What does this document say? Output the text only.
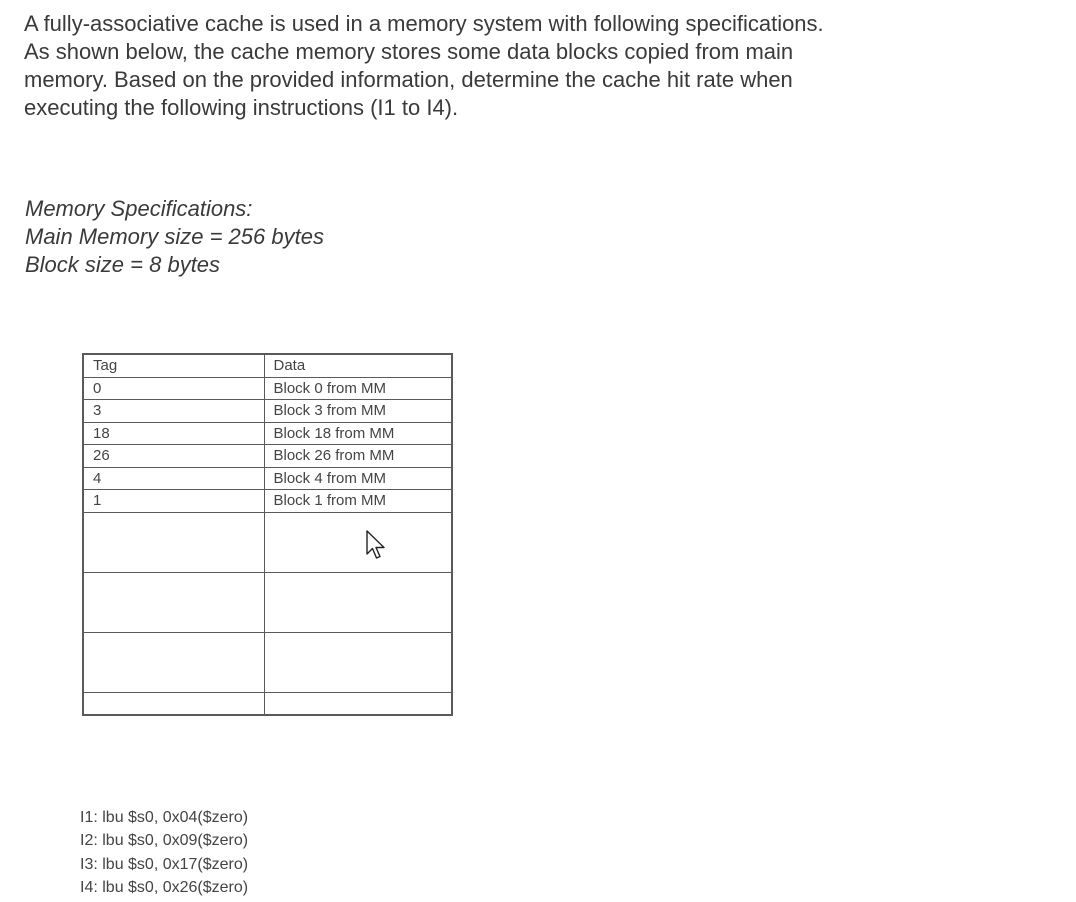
A fully-associative cache is used in a memory system with following specifications.
As shown below, the cache memory stores some data blocks copied from main
memory. Based on the provided information, determine the cache hit rate when
executing the following instructions (I1 to I4).
Memory Specifications:
Main Memory size = 256 bytes
Block size = 8 bytes
Tag	Data
0	Block 0 from MM
3	Block 3 from MM
18	Block 18 from MM
26	Block 26 from MM
4	Block 4 from MM
1	Block 1 from MM

I1: lbu $s0, 0x04($zero)
I2: lbu $s0, 0x09($zero)
I3: lbu $s0, 0x17($zero)
I4: lbu $s0, 0x26($zero)
